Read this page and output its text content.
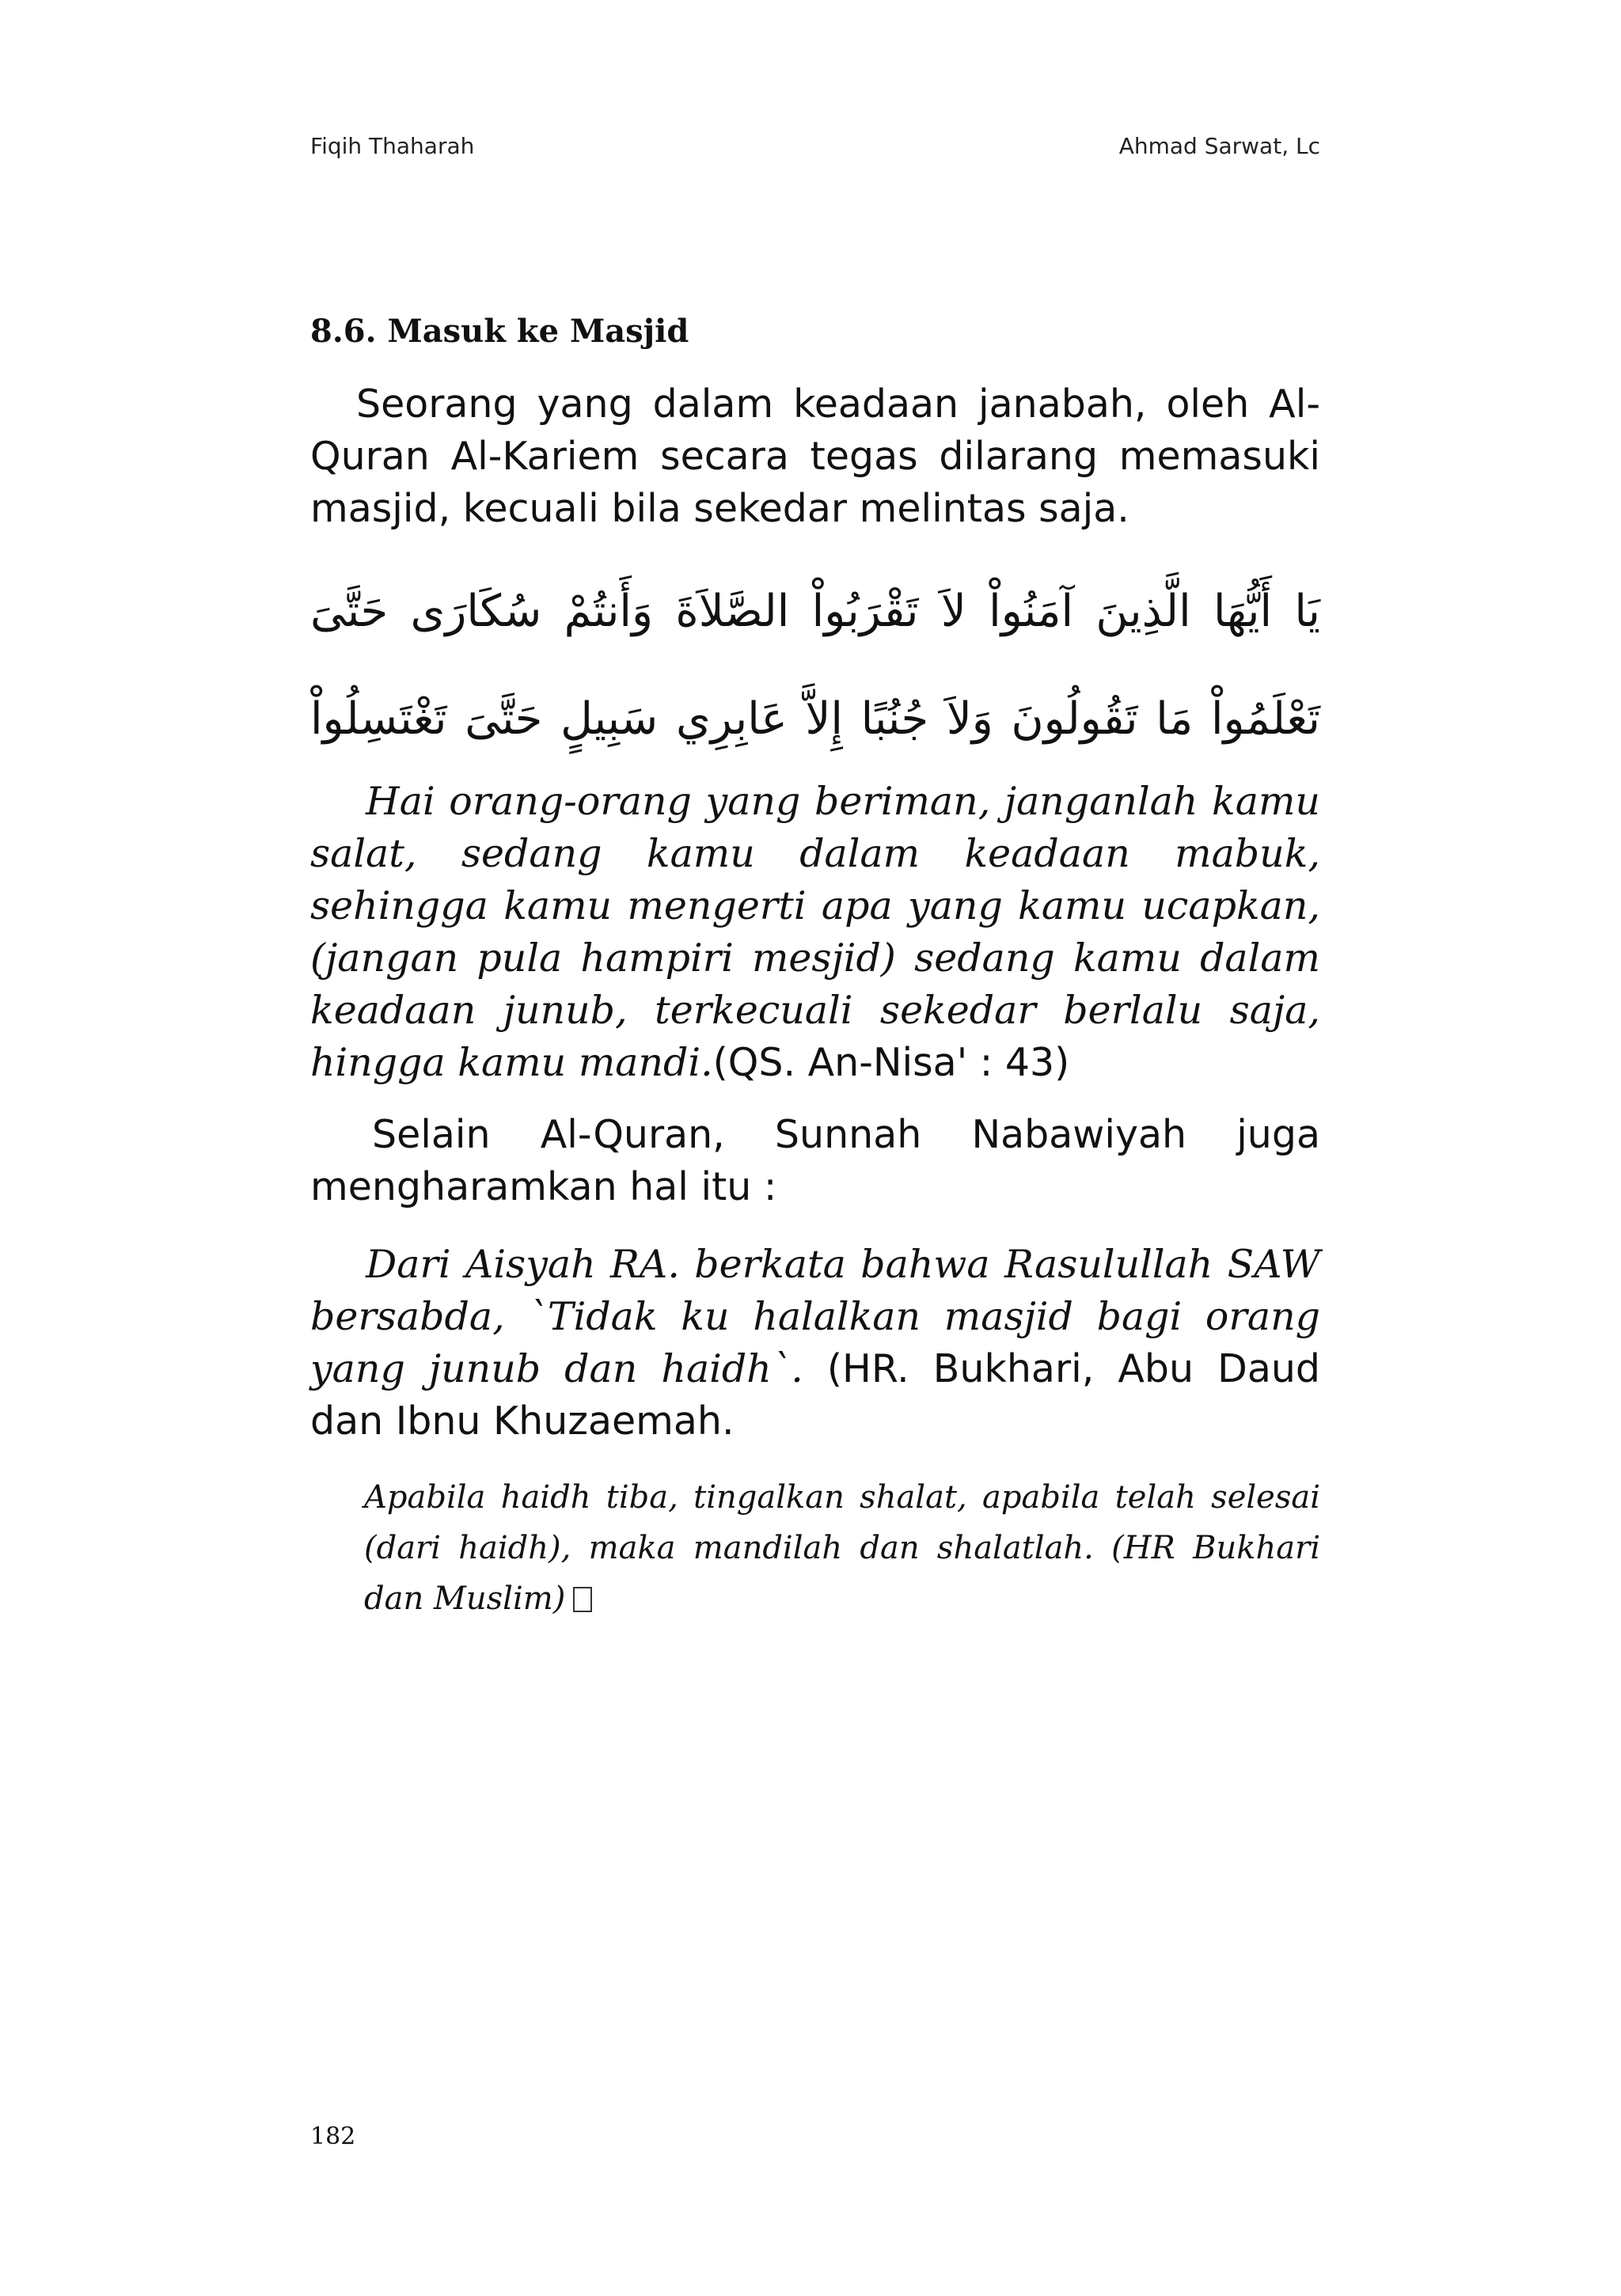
Fiqih Thaharah	Ahmad Sarwat, Lc
8.6. Masuk ke Masjid

Seorang yang dalam keadaan janabah, oleh Al-Quran Al-Kariem secara tegas dilarang memasuki masjid, kecuali bila sekedar melintas saja.

يَا أَيُّهَا الَّذِينَ آمَنُواْ لاَ تَقْرَبُواْ الصَّلاَةَ وَأَنتُمْ سُكَارَى حَتَّىَ تَعْلَمُواْ مَا تَقُولُونَ وَلاَ جُنُبًا إِلاَّ عَابِرِي سَبِيلٍ حَتَّىَ تَغْتَسِلُواْ

Hai orang-orang yang beriman, janganlah kamu salat, sedang kamu dalam keadaan mabuk, sehingga kamu mengerti apa yang kamu ucapkan, (jangan pula hampiri mesjid) sedang kamu dalam keadaan junub, terkecuali sekedar berlalu saja, hingga kamu mandi.(QS. An-Nisa' : 43)

Selain Al-Quran, Sunnah Nabawiyah juga mengharamkan hal itu :

Dari Aisyah RA. berkata bahwa Rasulullah SAW bersabda, `Tidak ku halalkan masjid bagi orang yang junub dan haidh`. (HR. Bukhari, Abu Daud dan Ibnu Khuzaemah.

Apabila haidh tiba, tingalkan shalat, apabila telah selesai (dari haidh), maka mandilah dan shalatlah. (HR Bukhari dan Muslim)

182
